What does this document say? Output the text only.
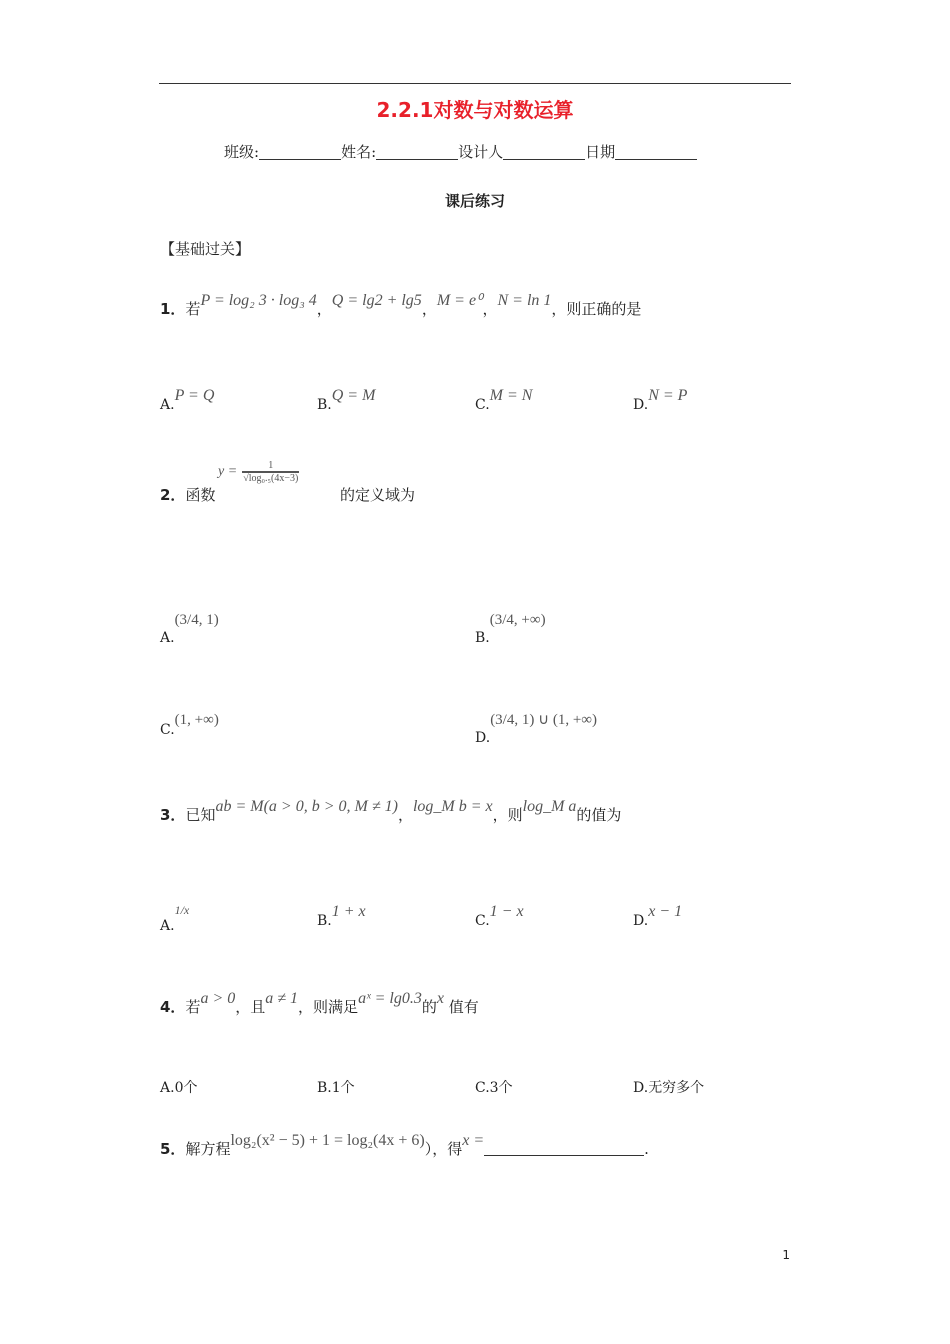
2.2.1对数与对数运算
班级:	姓名:	设计人	日期
课后练习
【基础过关】
1．若P = log₂ 3 · log₃ 4，Q = lg2 + lg5，M = e⁰，N = ln 1，则正确的是
A.P = Q
B.Q = M
C.M = N
D.N = P
2．函数
$y = \frac{1}{\text{√log₀.₅(4x−3)}}$
的定义域为
A.(3/4, 1)
B.(3/4, +∞)
C.(1, +∞)
D.(3/4, 1) ∪ (1, +∞)
3．已知ab = M(a > 0, b > 0, M ≠ 1)，log_M b = x，则log_M a的值为
A.1/x
B.1 + x
C.1 − x
D.x − 1
4．若a > 0，且a ≠ 1，则满足aˣ = lg0.3的x 值有
A.0个	B.1个	C.3个	D.无穷多个
5．解方程log₂(x² − 5) + 1 = log₂(4x + 6)），得x =	.
1
